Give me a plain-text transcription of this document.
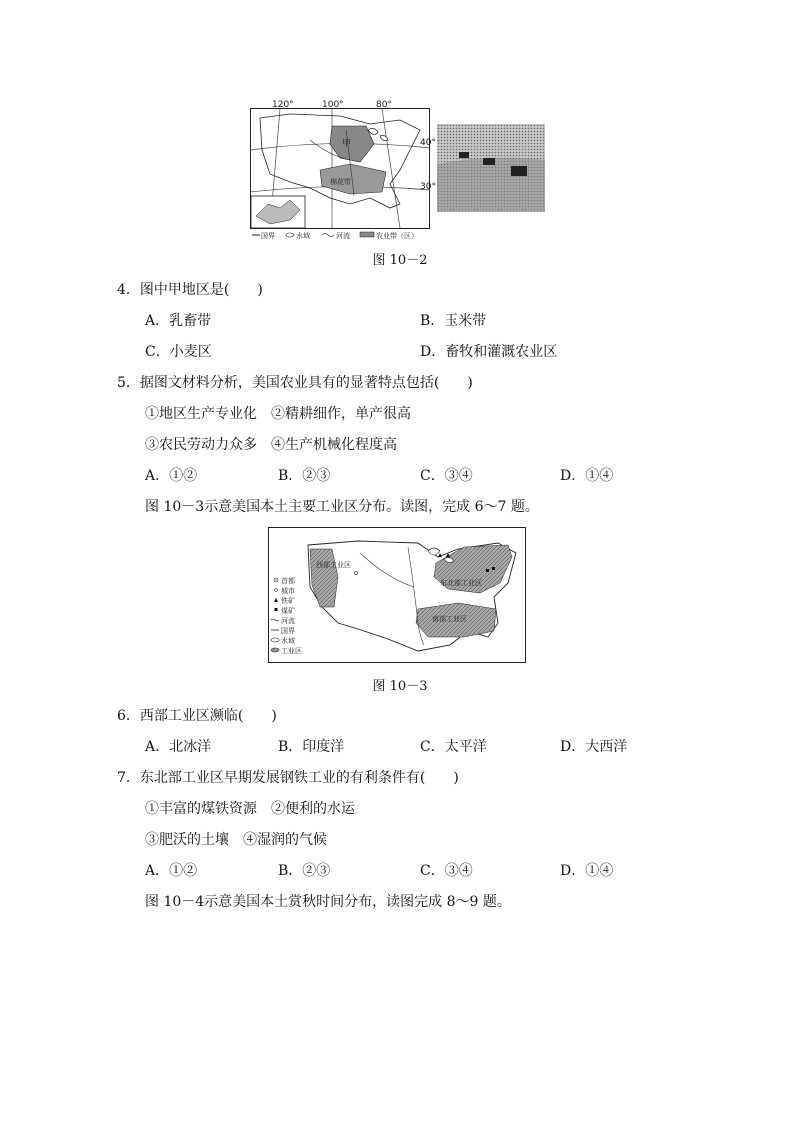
120°	100°	80°
甲
棉花带
国界	水域	河流	农业带（区）
40°
30°
图 10－2
4．图中甲地区是(　　)
A．乳畜带	B．玉米带
C．小麦区	D．畜牧和灌溉农业区
5．据图文材料分析，美国农业具有的显著特点包括(　　)
①地区生产专业化　②精耕细作，单产很高
③农民劳动力众多　④生产机械化程度高
A．①②	B．②③	C．③④	D．①④
图 10－3示意美国本土主要工业区分布。读图，完成 6～7 题。
西部工业区
东北部工业区
南部工业区
首都
城市
铁矿
煤矿
河流
国界
水域
工业区
图 10－3
6．西部工业区濒临(　　)
A．北冰洋	B．印度洋	C．太平洋	D．大西洋
7．东北部工业区早期发展钢铁工业的有利条件有(　　)
①丰富的煤铁资源　②便利的水运
③肥沃的土壤　④湿润的气候
A．①②	B．②③	C．③④	D．①④
图 10－4示意美国本土赏秋时间分布，读图完成 8～9 题。
